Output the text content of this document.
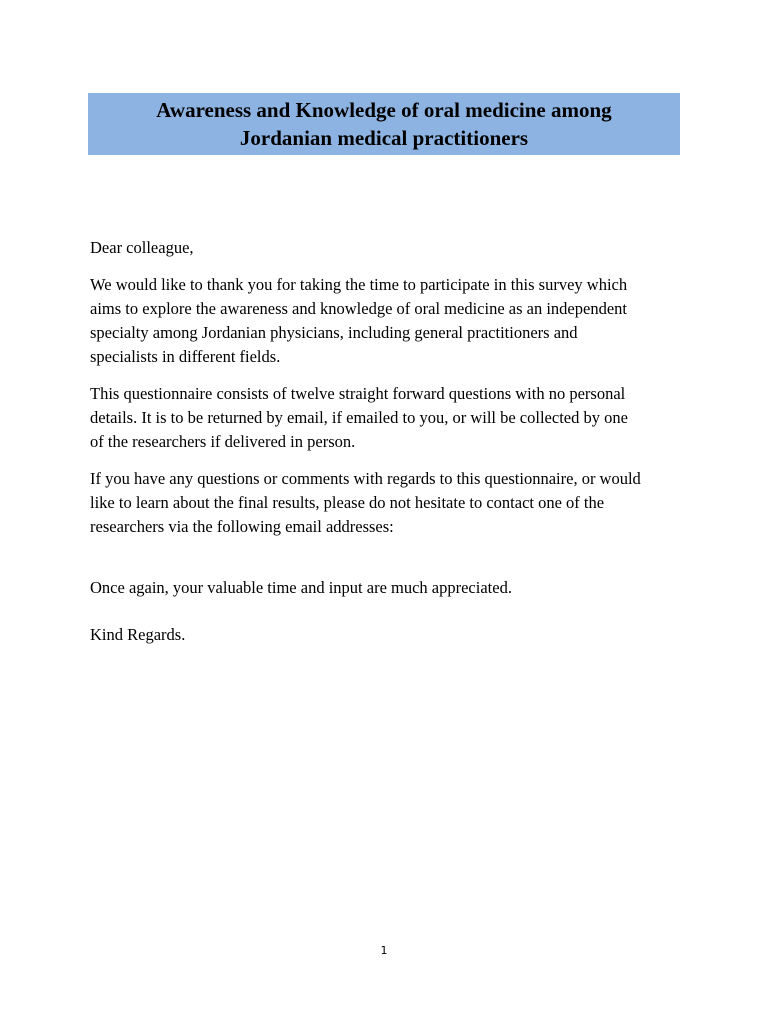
Awareness and Knowledge of oral medicine among
Jordanian medical practitioners
Dear colleague,
We would like to thank you for taking the time to participate in this survey which
aims to explore the awareness and knowledge of oral medicine as an independent
specialty among Jordanian physicians, including general practitioners and
specialists in different fields.
This questionnaire consists of twelve straight forward questions with no personal
details. It is to be returned by email, if emailed to you, or will be collected by one
of the researchers if delivered in person.
If you have any questions or comments with regards to this questionnaire, or would
like to learn about the final results, please do not hesitate to contact one of the
researchers via the following email addresses:
Once again, your valuable time and input are much appreciated.
Kind Regards.
1
